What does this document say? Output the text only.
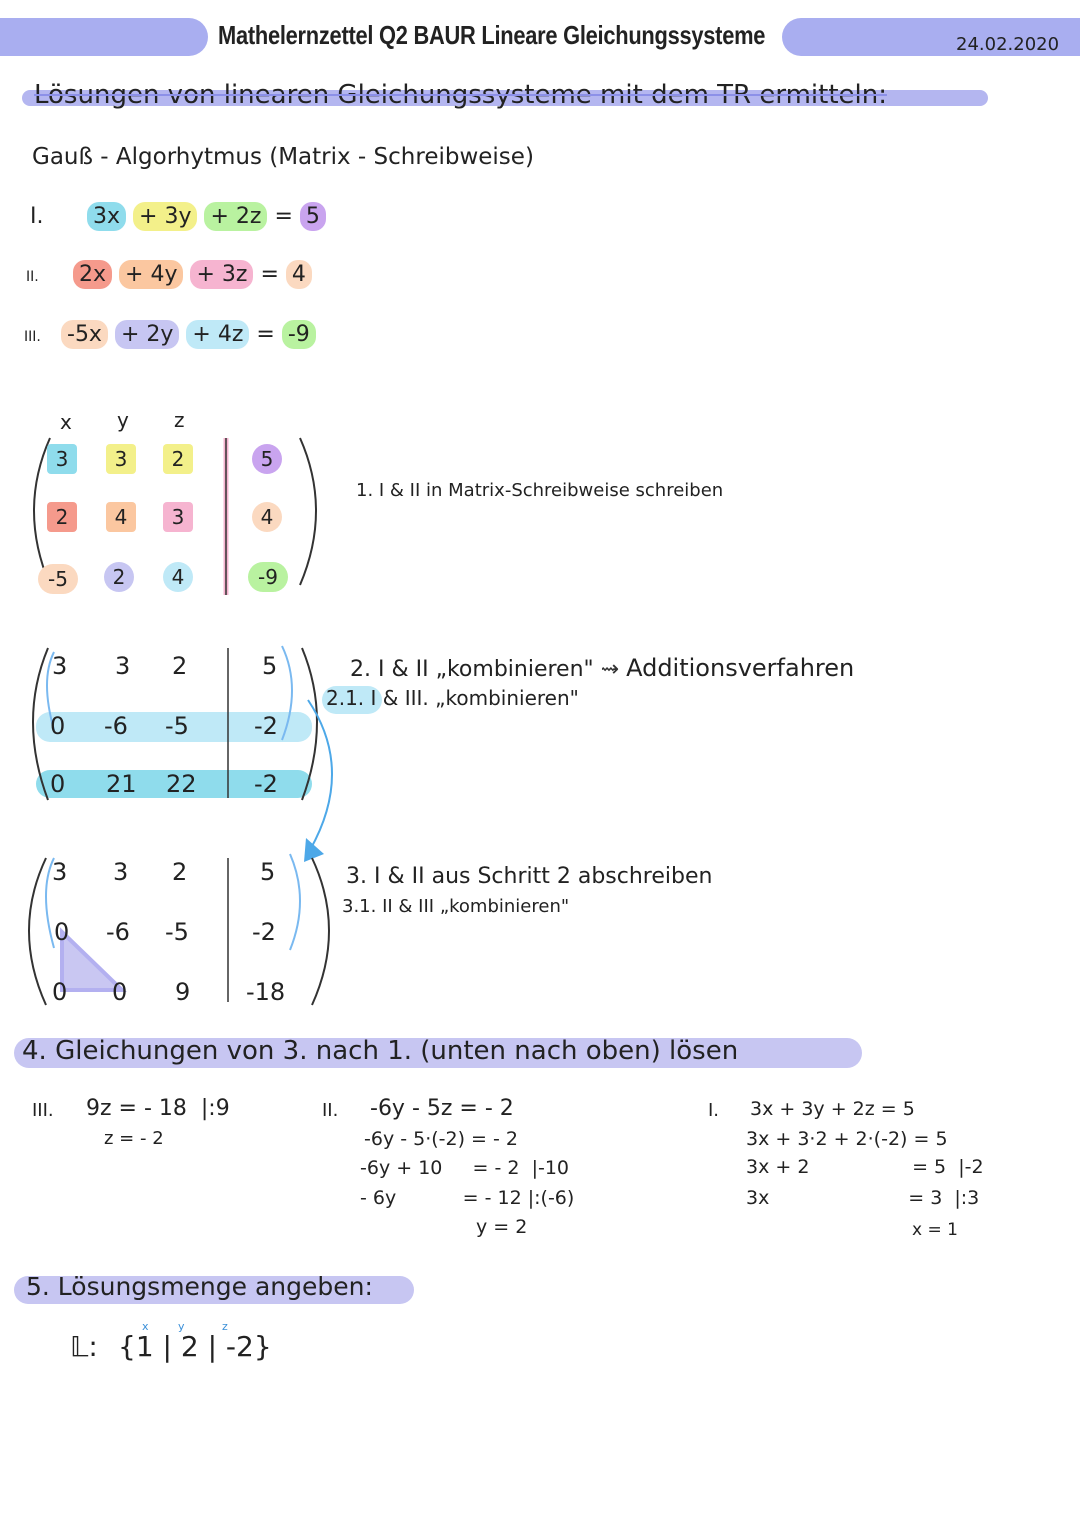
Mathelernzettel Q2 BAUR Lineare Gleichungssysteme	24.02.2020
Lösungen von linearen Gleichungssysteme mit dem TR ermitteln:
Gauß - Algorhytmus (Matrix - Schreibweise)
I. 3x + 3y + 2z = 5
II. 2x + 4y + 3z = 4
III. -5x + 2y + 4z = -9
x y z
3	3	2	5
2	4	3	4
-5	2	4	-9
1. I & II in Matrix-Schreibweise schreiben
3 3 2	5
0 -6 -5	-2
0 21 22 -2
2. I & II „kombinieren" ⇝ Additionsverfahren
2.1. I & III. „kombinieren"
3 3 2	5
0 -6 -5	-2
0 0 9 -18
3. I & II aus Schritt 2 abschreiben
3.1. II & III „kombinieren"
4. Gleichungen von 3. nach 1. (unten nach oben) lösen
III. 9z = - 18  |:9
z = - 2
II. -6y - 5z = - 2
-6y - 5·(-2) = - 2
-6y + 10     = - 2  |-10
- 6y           = - 12 |:(-6)
y = 2
I. 3x + 3y + 2z = 5
3x + 3·2 + 2·(-2) = 5
3x + 2                 = 5  |-2
3x                       = 3  |:3
x = 1
5. Lösungsmenge angeben:
𝕃:
x	y	z
{1 | 2 | -2}
